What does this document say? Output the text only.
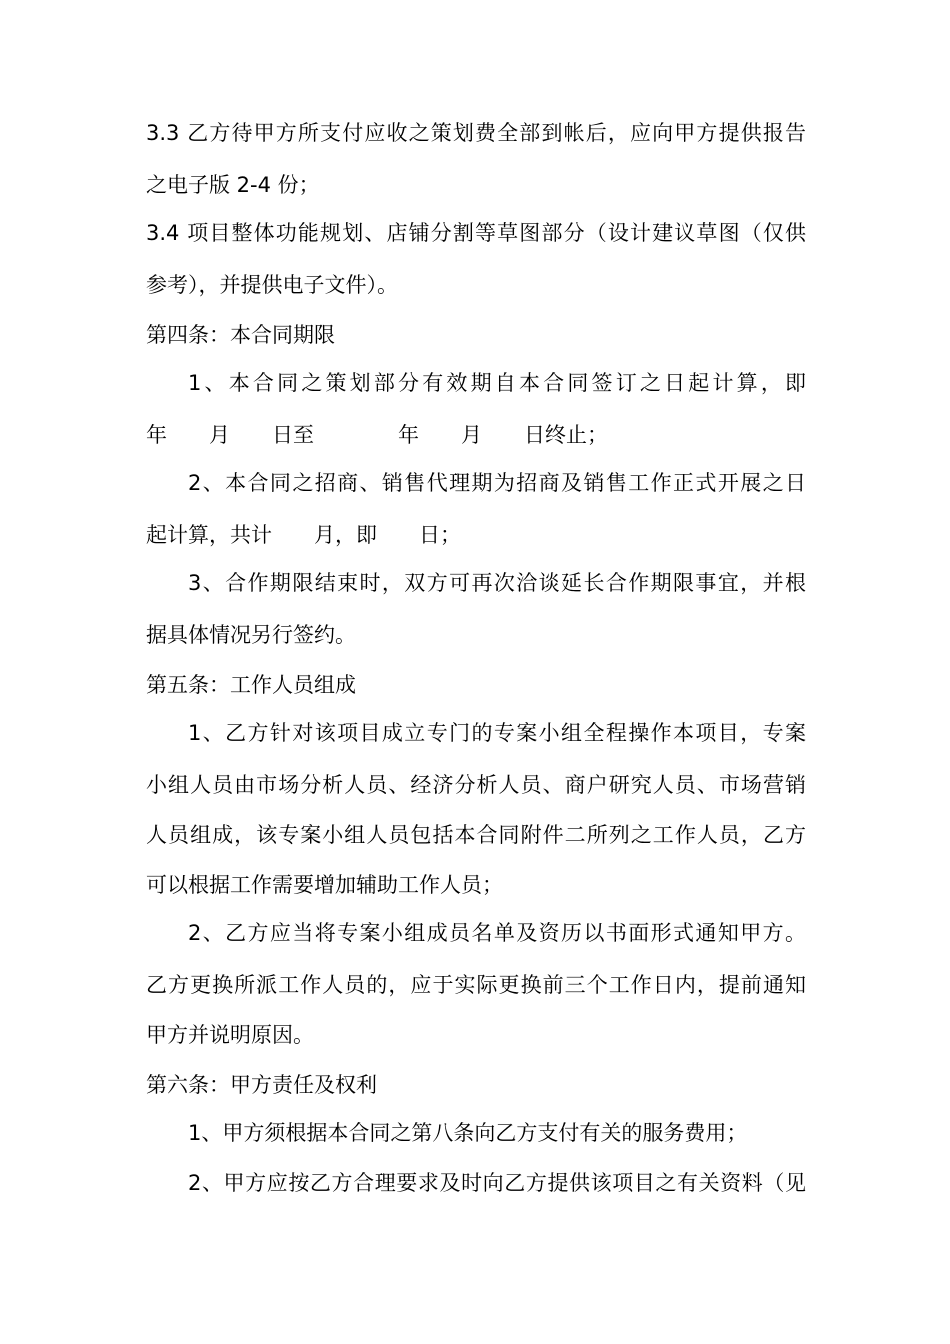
3.3 乙方待甲方所支付应收之策划费全部到帐后，应向甲方提供报告
之电子版 2-4 份；
3.4 项目整体功能规划、店铺分割等草图部分（设计建议草图（仅供
参考），并提供电子文件）。
第四条：本合同期限
1、本合同之策划部分有效期自本合同签订之日起计算，即
年　　月　　日至　　　　年　　月　　日终止；
2、本合同之招商、销售代理期为招商及销售工作正式开展之日
起计算，共计　　月，即　　日；
3、合作期限结束时，双方可再次洽谈延长合作期限事宜，并根
据具体情况另行签约。
第五条：工作人员组成
1、乙方针对该项目成立专门的专案小组全程操作本项目，专案
小组人员由市场分析人员、经济分析人员、商户研究人员、市场营销
人员组成，该专案小组人员包括本合同附件二所列之工作人员，乙方
可以根据工作需要增加辅助工作人员；
2、乙方应当将专案小组成员名单及资历以书面形式通知甲方。
乙方更换所派工作人员的，应于实际更换前三个工作日内，提前通知
甲方并说明原因。
第六条：甲方责任及权利
1、甲方须根据本合同之第八条向乙方支付有关的服务费用；
2、甲方应按乙方合理要求及时向乙方提供该项目之有关资料（见
